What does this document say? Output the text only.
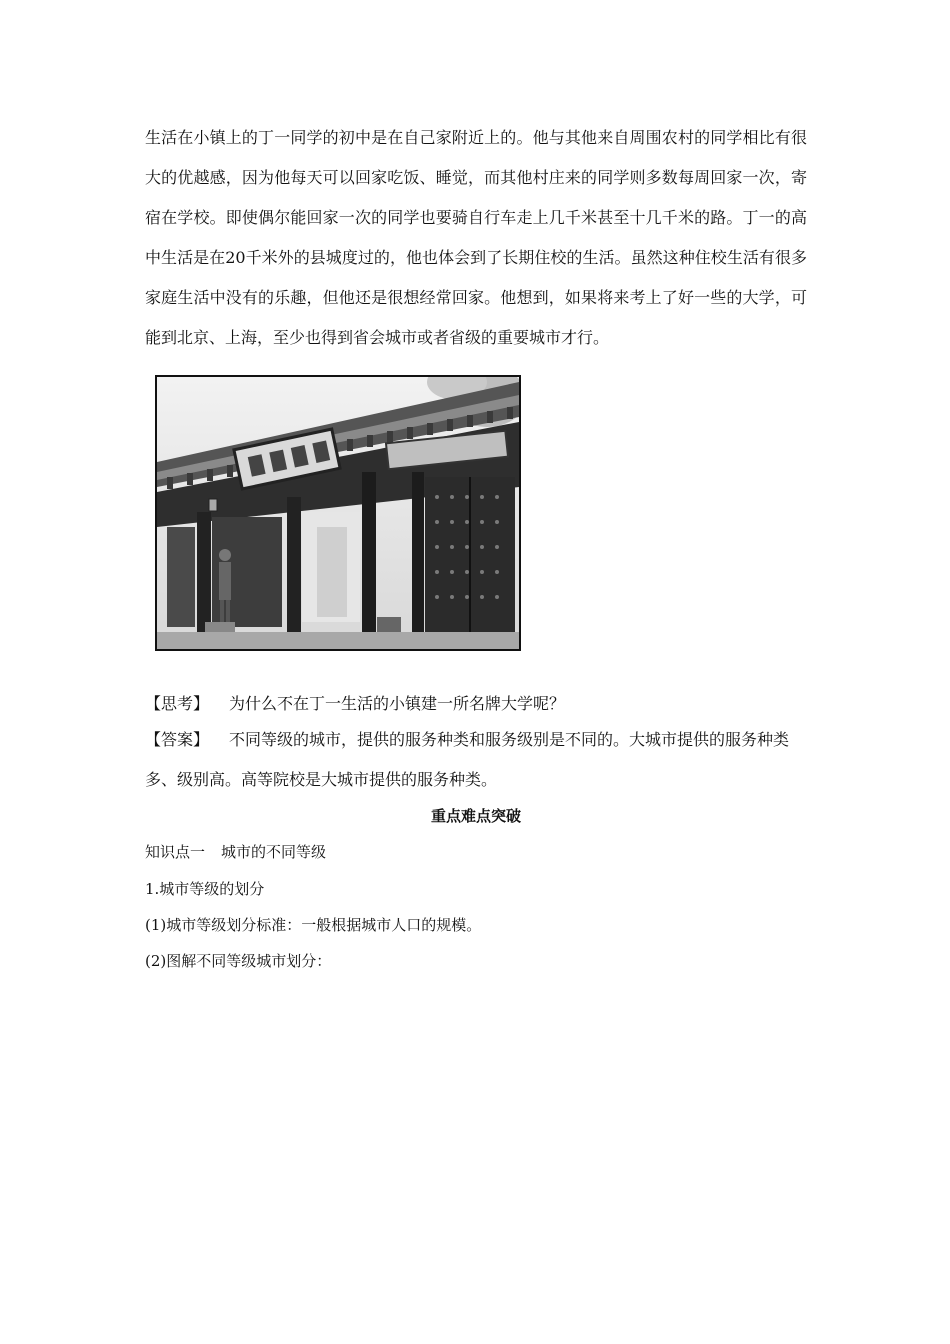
生活在小镇上的丁一同学的初中是在自己家附近上的。他与其他来自周围农村的同学相比有很大的优越感，因为他每天可以回家吃饭、睡觉，而其他村庄来的同学则多数每周回家一次，寄宿在学校。即使偶尔能回家一次的同学也要骑自行车走上几千米甚至十几千米的路。丁一的高中生活是在20千米外的县城度过的，他也体会到了长期住校的生活。虽然这种住校生活有很多家庭生活中没有的乐趣，但他还是很想经常回家。他想到，如果将来考上了好一些的大学，可能到北京、上海，至少也得到省会城市或者省级的重要城市才行。

【思考】 为什么不在丁一生活的小镇建一所名牌大学呢？

【答案】 不同等级的城市，提供的服务种类和服务级别是不同的。大城市提供的服务种类多、级别高。高等院校是大城市提供的服务种类。

重点难点突破

知识点一 城市的不同等级

1.城市等级的划分

(1)城市等级划分标准：一般根据城市人口的规模。

(2)图解不同等级城市划分：
